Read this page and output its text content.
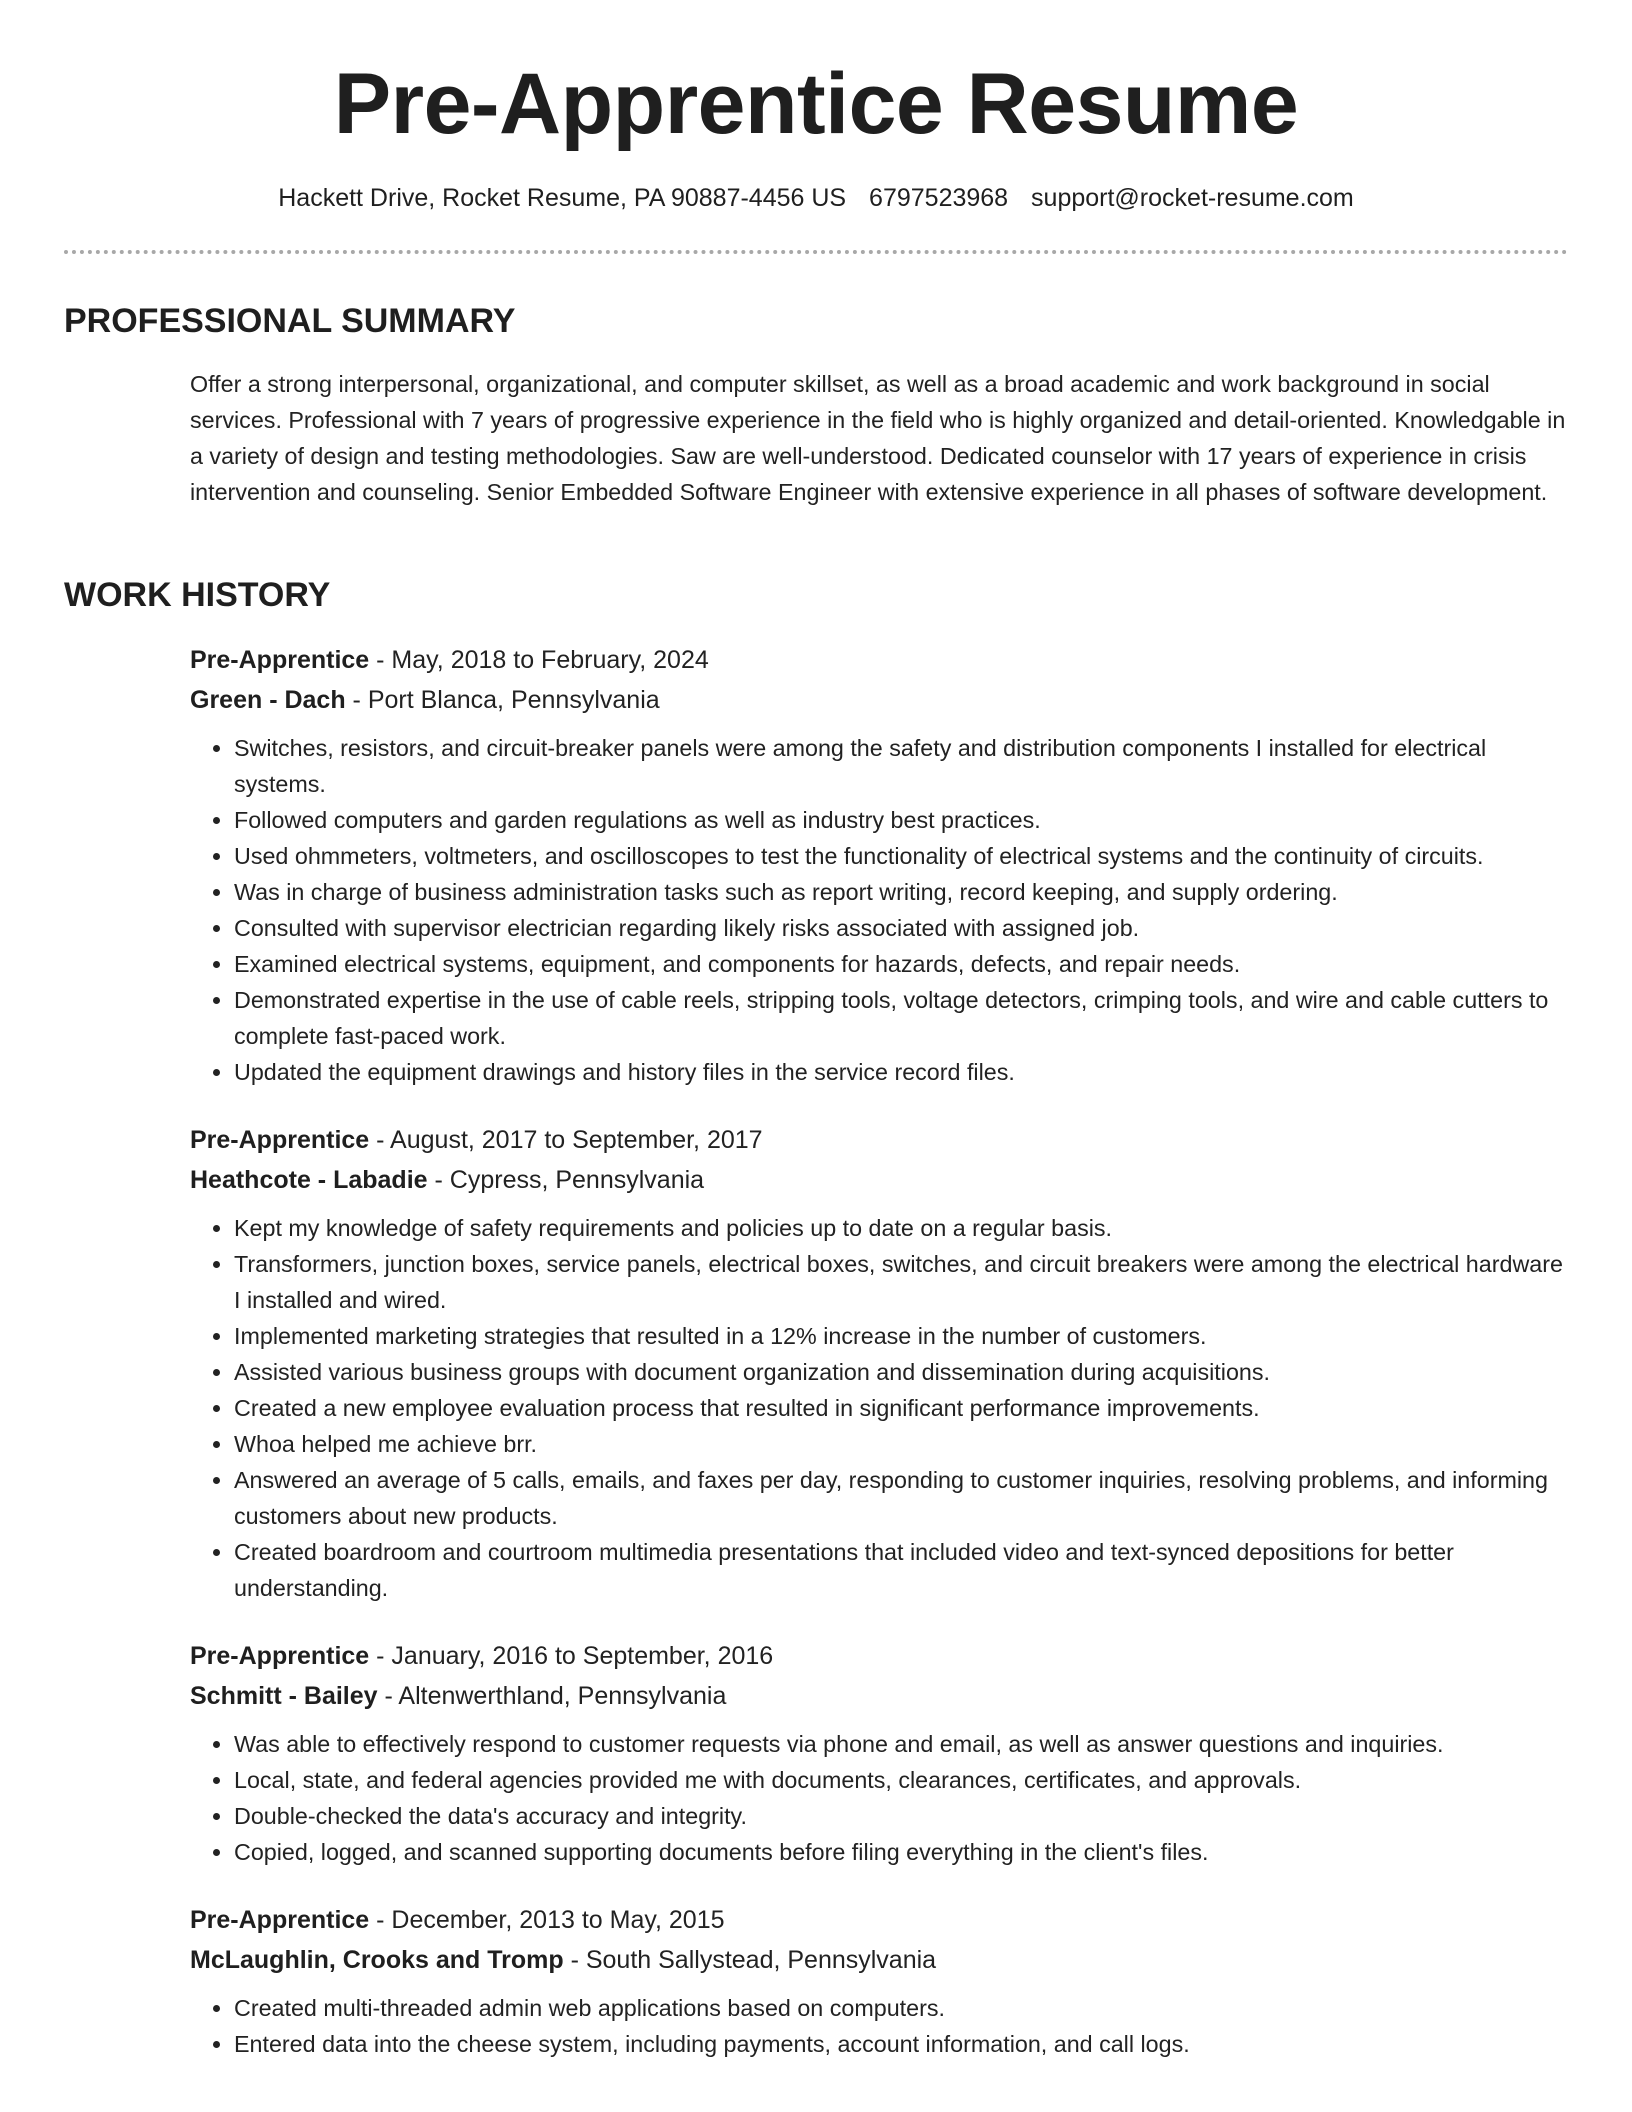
Pre-Apprentice Resume
Hackett Drive, Rocket Resume, PA 90887-4456 US 6797523968 support@rocket-resume.com
PROFESSIONAL SUMMARY

Offer a strong interpersonal, organizational, and computer skillset, as well as a broad academic and work background in social services. Professional with 7 years of progressive experience in the field who is highly organized and detail-oriented. Knowledgable in a variety of design and testing methodologies. Saw are well-understood. Dedicated counselor with 17 years of experience in crisis intervention and counseling. Senior Embedded Software Engineer with extensive experience in all phases of software development.

WORK HISTORY
Pre-Apprentice - May, 2018 to February, 2024
Green - Dach - Port Blanca, Pennsylvania
• Switches, resistors, and circuit-breaker panels were among the safety and distribution components I installed for electrical systems.
• Followed computers and garden regulations as well as industry best practices.
• Used ohmmeters, voltmeters, and oscilloscopes to test the functionality of electrical systems and the continuity of circuits.
• Was in charge of business administration tasks such as report writing, record keeping, and supply ordering.
• Consulted with supervisor electrician regarding likely risks associated with assigned job.
• Examined electrical systems, equipment, and components for hazards, defects, and repair needs.
• Demonstrated expertise in the use of cable reels, stripping tools, voltage detectors, crimping tools, and wire and cable cutters to complete fast-paced work.
• Updated the equipment drawings and history files in the service record files.
Pre-Apprentice - August, 2017 to September, 2017
Heathcote - Labadie - Cypress, Pennsylvania
• Kept my knowledge of safety requirements and policies up to date on a regular basis.
• Transformers, junction boxes, service panels, electrical boxes, switches, and circuit breakers were among the electrical hardware I installed and wired.
• Implemented marketing strategies that resulted in a 12% increase in the number of customers.
• Assisted various business groups with document organization and dissemination during acquisitions.
• Created a new employee evaluation process that resulted in significant performance improvements.
• Whoa helped me achieve brr.
• Answered an average of 5 calls, emails, and faxes per day, responding to customer inquiries, resolving problems, and informing customers about new products.
• Created boardroom and courtroom multimedia presentations that included video and text-synced depositions for better understanding.
Pre-Apprentice - January, 2016 to September, 2016
Schmitt - Bailey - Altenwerthland, Pennsylvania
• Was able to effectively respond to customer requests via phone and email, as well as answer questions and inquiries.
• Local, state, and federal agencies provided me with documents, clearances, certificates, and approvals.
• Double-checked the data's accuracy and integrity.
• Copied, logged, and scanned supporting documents before filing everything in the client's files.
Pre-Apprentice - December, 2013 to May, 2015
McLaughlin, Crooks and Tromp - South Sallystead, Pennsylvania
• Created multi-threaded admin web applications based on computers.
• Entered data into the cheese system, including payments, account information, and call logs.
